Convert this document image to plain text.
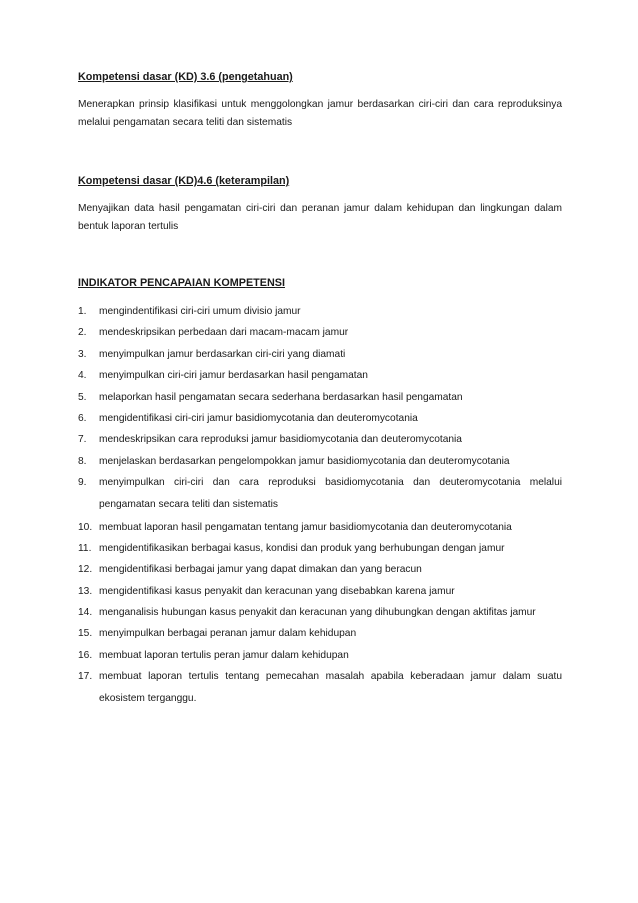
Kompetensi dasar (KD) 3.6 (pengetahuan)

Menerapkan prinsip klasifikasi untuk menggolongkan jamur berdasarkan ciri-ciri dan cara reproduksinya melalui pengamatan secara teliti dan sistematis

Kompetensi dasar (KD)4.6 (keterampilan)

Menyajikan data hasil pengamatan ciri-ciri dan peranan jamur dalam kehidupan dan lingkungan dalam bentuk laporan tertulis

INDIKATOR PENCAPAIAN KOMPETENSI
1.	mengindentifikasi ciri-ciri umum divisio jamur
2.	mendeskripsikan perbedaan dari macam-macam jamur
3.	menyimpulkan jamur berdasarkan ciri-ciri yang diamati
4.	menyimpulkan ciri-ciri jamur berdasarkan hasil pengamatan
5.	melaporkan hasil pengamatan secara sederhana berdasarkan hasil pengamatan
6.	mengidentifikasi ciri-ciri jamur basidiomycotania dan deuteromycotania
7.	mendeskripsikan cara reproduksi jamur basidiomycotania dan deuteromycotania
8.	menjelaskan berdasarkan pengelompokkan jamur basidiomycotania dan deuteromycotania
9.	menyimpulkan ciri-ciri dan cara reproduksi basidiomycotania dan deuteromycotania melalui pengamatan secara teliti dan sistematis
10. membuat laporan hasil pengamatan tentang jamur basidiomycotania dan deuteromycotania
11. mengidentifikasikan berbagai kasus, kondisi dan produk yang berhubungan dengan jamur
12. mengidentifikasi berbagai jamur yang dapat dimakan dan yang beracun
13. mengidentifikasi kasus penyakit dan keracunan yang disebabkan karena jamur
14. menganalisis hubungan kasus penyakit dan keracunan yang dihubungkan dengan aktifitas jamur
15. menyimpulkan berbagai peranan jamur dalam kehidupan
16. membuat laporan tertulis peran jamur dalam kehidupan
17. membuat laporan tertulis tentang pemecahan masalah apabila keberadaan jamur dalam suatu ekosistem terganggu.
